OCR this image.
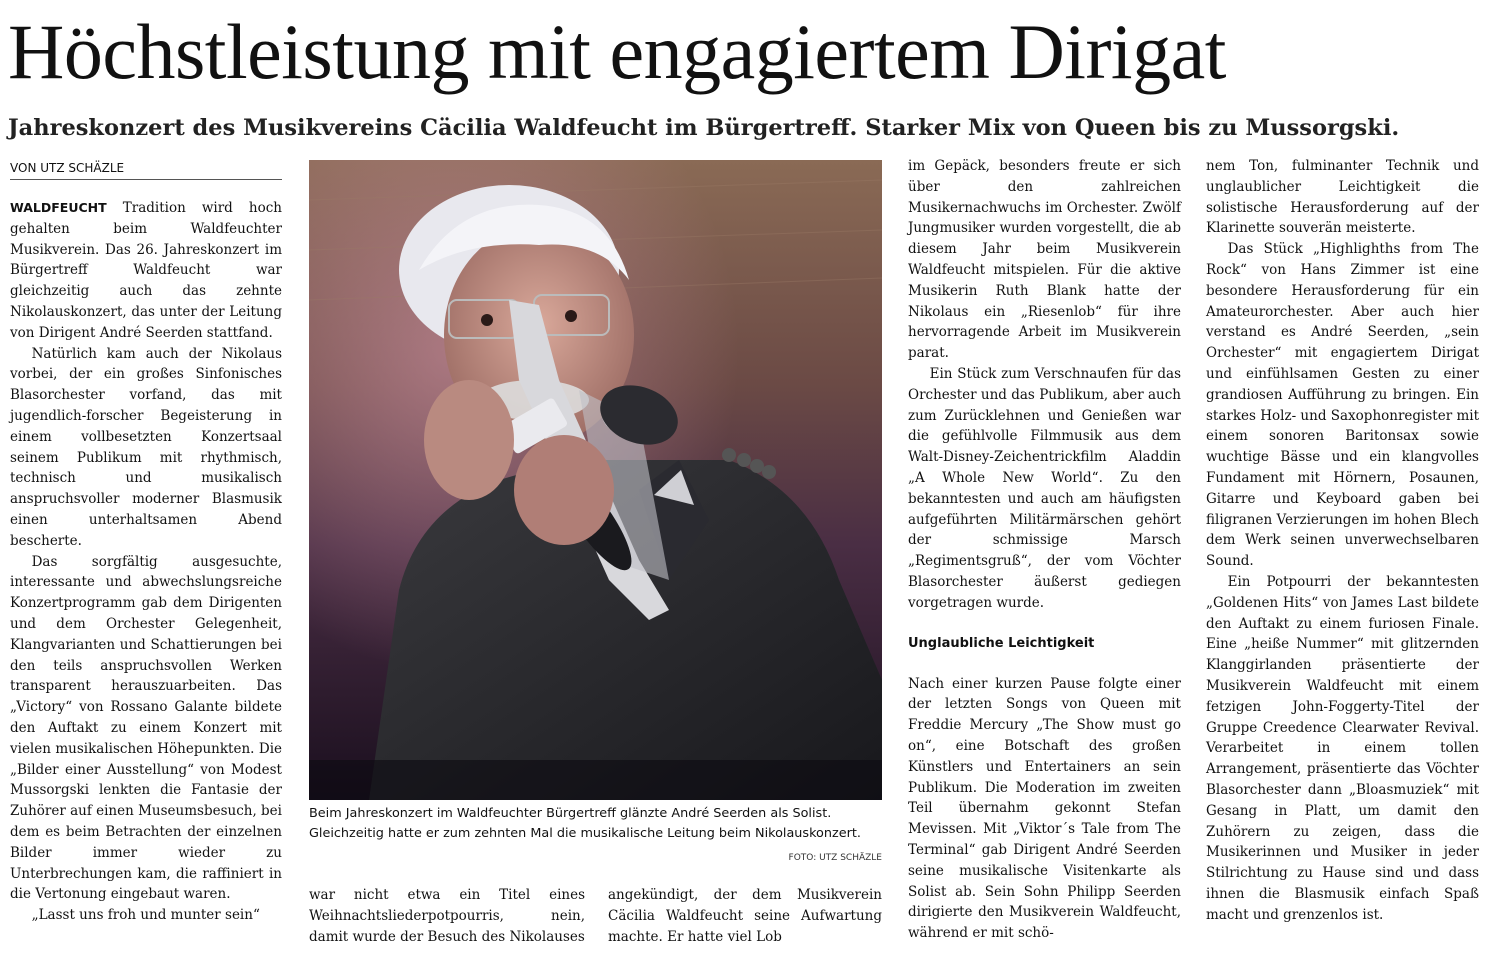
Höchstleistung mit engagiertem Dirigat
Jahreskonzert des Musikvereins Cäcilia Waldfeucht im Bürgertreff. Starker Mix von Queen bis zu Mussorgski.
VON UTZ SCHÄZLE

WALDFEUCHT Tradition wird hoch gehalten beim Waldfeuchter Musikverein. Das 26. Jahreskonzert im Bürgertreff Waldfeucht war gleichzeitig auch das zehnte Nikolauskonzert, das unter der Leitung von Dirigent André Seerden stattfand.

Natürlich kam auch der Nikolaus vorbei, der ein großes Sinfonisches Blasorchester vorfand, das mit jugendlich-forscher Begeisterung in einem vollbesetzten Konzertsaal seinem Publikum mit rhythmisch, technisch und musikalisch anspruchsvoller moderner Blasmusik einen unterhaltsamen Abend bescherte.

Das sorgfältig ausgesuchte, interessante und abwechslungsreiche Konzertprogramm gab dem Dirigenten und dem Orchester Gelegenheit, Klangvarianten und Schattierungen bei den teils anspruchsvollen Werken transparent herauszuarbeiten. Das „Victory“ von Rossano Galante bildete den Auftakt zu einem Konzert mit vielen musikalischen Höhepunkten. Die „Bilder einer Ausstellung“ von Modest Mussorgski lenkten die Fantasie der Zuhörer auf einen Museumsbesuch, bei dem es beim Betrachten der einzelnen Bilder immer wieder zu Unterbrechungen kam, die raffiniert in die Vertonung eingebaut waren.

„Lasst uns froh und munter sein“

Beim Jahreskonzert im Waldfeuchter Bürgertreff glänzte André Seerden als Solist. Gleichzeitig hatte er zum zehnten Mal die musikalische Leitung beim Nikolauskonzert.
FOTO: UTZ SCHÄZLE

war nicht etwa ein Titel eines Weihnachtsliederpotpourris, nein, damit wurde der Besuch des Nikolauses

angekündigt, der dem Musikverein Cäcilia Waldfeucht seine Aufwartung machte. Er hatte viel Lob

im Gepäck, besonders freute er sich über den zahlreichen Musikernachwuchs im Orchester. Zwölf Jungmusiker wurden vorgestellt, die ab diesem Jahr beim Musikverein Waldfeucht mitspielen. Für die aktive Musikerin Ruth Blank hatte der Nikolaus ein „Riesenlob“ für ihre hervorragende Arbeit im Musikverein parat.

Ein Stück zum Verschnaufen für das Orchester und das Publikum, aber auch zum Zurücklehnen und Genießen war die gefühlvolle Filmmusik aus dem Walt-Disney-Zeichentrickfilm Aladdin „A Whole New World“. Zu den bekanntesten und auch am häufigsten aufgeführten Militärmärschen gehört der schmissige Marsch „Regimentsgruß“, der vom Vöchter Blasorchester äußerst gediegen vorgetragen wurde.

Unglaubliche Leichtigkeit

Nach einer kurzen Pause folgte einer der letzten Songs von Queen mit Freddie Mercury „The Show must go on“, eine Botschaft des großen Künstlers und Entertainers an sein Publikum. Die Moderation im zweiten Teil übernahm gekonnt Stefan Mevissen. Mit „Viktor´s Tale from The Terminal“ gab Dirigent André Seerden seine musikalische Visitenkarte als Solist ab. Sein Sohn Philipp Seerden dirigierte den Musikverein Waldfeucht, während er mit schö-

nem Ton, fulminanter Technik und unglaublicher Leichtigkeit die solistische Herausforderung auf der Klarinette souverän meisterte.

Das Stück „Highlighths from The Rock“ von Hans Zimmer ist eine besondere Herausforderung für ein Amateurorchester. Aber auch hier verstand es André Seerden, „sein Orchester“ mit engagiertem Dirigat und einfühlsamen Gesten zu einer grandiosen Aufführung zu bringen. Ein starkes Holz- und Saxophonregister mit einem sonoren Baritonsax sowie wuchtige Bässe und ein klangvolles Fundament mit Hörnern, Posaunen, Gitarre und Keyboard gaben bei filigranen Verzierungen im hohen Blech dem Werk seinen unverwechselbaren Sound.

Ein Potpourri der bekanntesten „Goldenen Hits“ von James Last bildete den Auftakt zu einem furiosen Finale. Eine „heiße Nummer“ mit glitzernden Klanggirlanden präsentierte der Musikverein Waldfeucht mit einem fetzigen John-Foggerty-Titel der Gruppe Creedence Clearwater Revival. Verarbeitet in einem tollen Arrangement, präsentierte das Vöchter Blasorchester dann „Bloasmuziek“ mit Gesang in Platt, um damit den Zuhörern zu zeigen, dass die Musikerinnen und Musiker in jeder Stilrichtung zu Hause sind und dass ihnen die Blasmusik einfach Spaß macht und grenzenlos ist.
